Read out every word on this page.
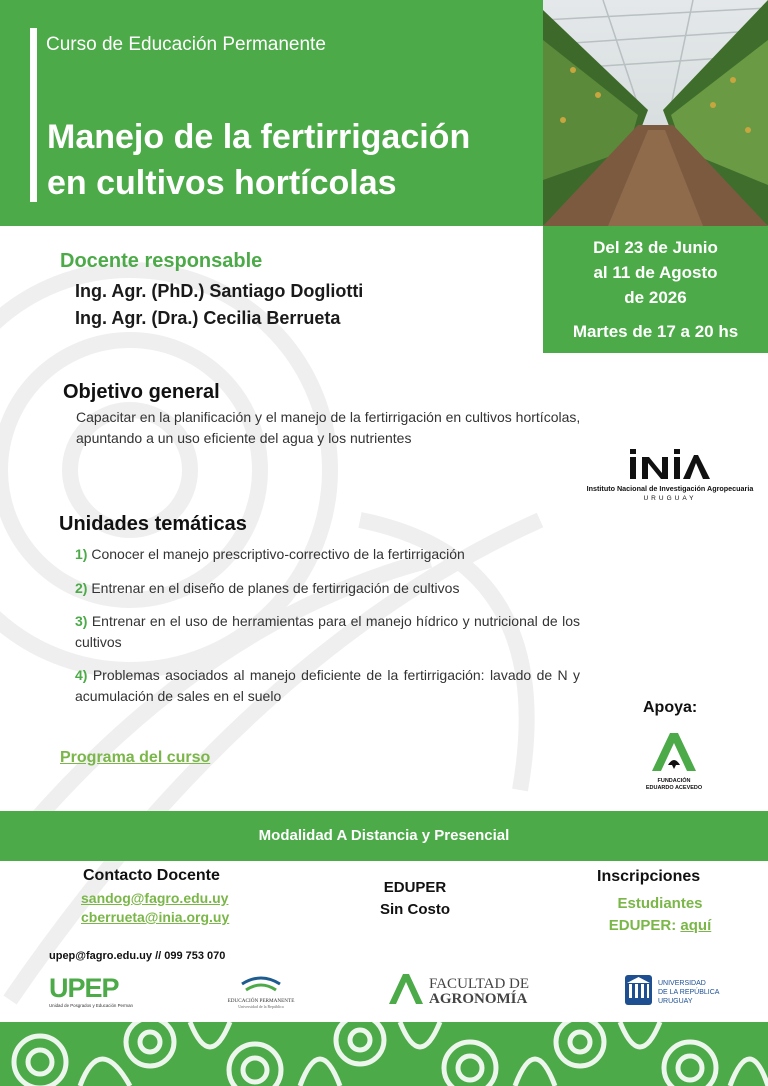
Curso de Educación Permanente
Manejo de la fertirrigación
en cultivos hortícolas
Del 23 de Junio
al 11 de Agosto
de 2026
Martes de 17 a 20 hs
Docente responsable
Ing. Agr. (PhD.) Santiago Dogliotti
Ing. Agr. (Dra.) Cecilia Berrueta
Objetivo general
Capacitar en la planificación y el manejo de la fertirrigación en cultivos hortícolas, apuntando a un uso eficiente del agua y los nutrientes
Instituto Nacional de Investigación Agropecuaria
URUGUAY
Unidades temáticas
1) Conocer el manejo prescriptivo-correctivo de la fertirrigación
2) Entrenar en el diseño de planes de fertirrigación de cultivos
3) Entrenar en el uso de herramientas para el manejo hídrico y nutricional de los cultivos
4) Problemas asociados al manejo deficiente de la fertirrigación: lavado de N y acumulación de sales en el suelo
Programa del curso
Apoya:
FUNDACIÓN
EDUARDO ACEVEDO
Modalidad A Distancia y Presencial
Contacto Docente
sandog@fagro.edu.uy
cberrueta@inia.org.uy
EDUPER
Sin Costo
Inscripciones
Estudiantes
EDUPER: aquí
upep@fagro.edu.uy // 099 753 070
UPEP
Unidad de Posgrados y Educación Permanente
EDUCACIÓN PERMANENTE
Universidad de la República
FACULTAD DE
AGRONOMÍA
UNIVERSIDAD
DE LA REPÚBLICA
URUGUAY
